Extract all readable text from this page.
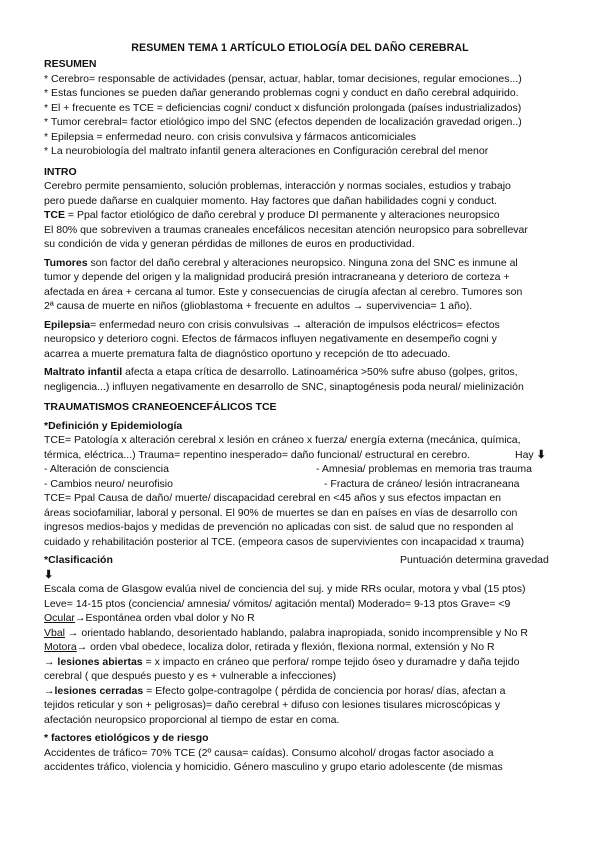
RESUMEN TEMA 1 ARTÍCULO ETIOLOGÍA DEL DAÑO CEREBRAL
RESUMEN
* Cerebro= responsable de actividades (pensar, actuar, hablar, tomar decisiones, regular emociones...)
* Estas funciones se pueden dañar generando problemas cogni y conduct en daño cerebral adquirido.
* El + frecuente es TCE = deficiencias cogni/ conduct x disfunción prolongada (países industrializados)
* Tumor cerebral= factor etiológico impo del SNC (efectos dependen de localización gravedad origen..)
* Epilepsia = enfermedad neuro. con crisis convulsiva y fármacos anticomiciales
* La neurobiología del maltrato infantil genera alteraciones en Configuración cerebral del menor
INTRO
Cerebro permite pensamiento, solución problemas, interacción y normas sociales, estudios y trabajo
pero puede dañarse en cualquier momento. Hay factores que dañan habilidades cogni y conduct.
TCE = Ppal factor etiológico de daño cerebral y produce DI permanente y alteraciones neuropsico
El 80% que sobreviven a traumas craneales encefálicos necesitan atención neuropsico para sobrellevar
su condición de vida y generan pérdidas de millones de euros en productividad.
Tumores son factor del daño cerebral y alteraciones neuropsico. Ninguna zona del SNC es inmune al
tumor y depende del origen y la malignidad producirá presión intracraneana y deterioro de corteza +
afectada en área + cercana al tumor. Este y consecuencias de cirugía afectan al cerebro. Tumores son
2ª causa de muerte en niños (glioblastoma + frecuente en adultos → supervivencia= 1 año).
Epilepsia= enfermedad neuro con crisis convulsivas → alteración de impulsos eléctricos= efectos
neuropsico y deterioro cogni. Efectos de fármacos influyen negativamente en desempeño cogni y
acarrea a muerte prematura falta de diagnóstico oportuno y recepción de tto adecuado.
Maltrato infantil afecta a etapa crítica de desarrollo. Latinoamérica >50% sufre abuso (golpes, gritos,
negligencia...) influyen negativamente en desarrollo de SNC, sinaptogénesis poda neural/ mielinización
TRAUMATISMOS CRANEOENCEFÁLICOS TCE
*Definición y Epidemiología
TCE= Patología x alteración cerebral x lesión en cráneo x fuerza/ energía externa (mecánica, química,
térmica, eléctrica...) Trauma= repentino inesperado= daño funcional/ estructural en cerebro.	Hay ⬇
- Alteración de consciencia	- Amnesia/ problemas en memoria tras trauma
- Cambios neuro/ neurofisio	- Fractura de cráneo/ lesión intracraneana
TCE= Ppal Causa de daño/ muerte/ discapacidad cerebral en <45 años y sus efectos impactan en
áreas sociofamiliar, laboral y personal. El 90% de muertes se dan en países en vías de desarrollo con
ingresos medios-bajos y medidas de prevención no aplicadas con sist. de salud que no responden al
cuidado y rehabilitación posterior al TCE. (empeora casos de supervivientes con incapacidad x trauma)
*Clasificación	Puntuación determina gravedad
⬇
Escala coma de Glasgow evalúa nivel de conciencia del suj. y mide RRs ocular, motora y vbal (15 ptos)
Leve= 14-15 ptos (conciencia/ amnesia/ vómitos/ agitación mental) Moderado= 9-13 ptos Grave= <9
Ocular→Espontánea orden vbal dolor y No R
Vbal → orientado hablando, desorientado hablando, palabra inapropiada, sonido incomprensible y No R
Motora→ orden vbal obedece, localiza dolor, retirada y flexión, flexiona normal, extensión y No R
→ lesiones abiertas = x impacto en cráneo que perfora/ rompe tejido óseo y duramadre y daña tejido
cerebral ( que después puesto y es + vulnerable a infecciones)
→lesiones cerradas = Efecto golpe-contragolpe ( pérdida de conciencia por horas/ días, afectan a
tejidos reticular y son + peligrosas)= daño cerebral + difuso con lesiones tisulares microscópicas y
afectación neuropsico proporcional al tiempo de estar en coma.
* factores etiológicos y de riesgo
Accidentes de tráfico= 70% TCE (2º causa= caídas). Consumo alcohol/ drogas factor asociado a
accidentes tráfico, violencia y homicidio. Género masculino y grupo etario adolescente (de mismas
